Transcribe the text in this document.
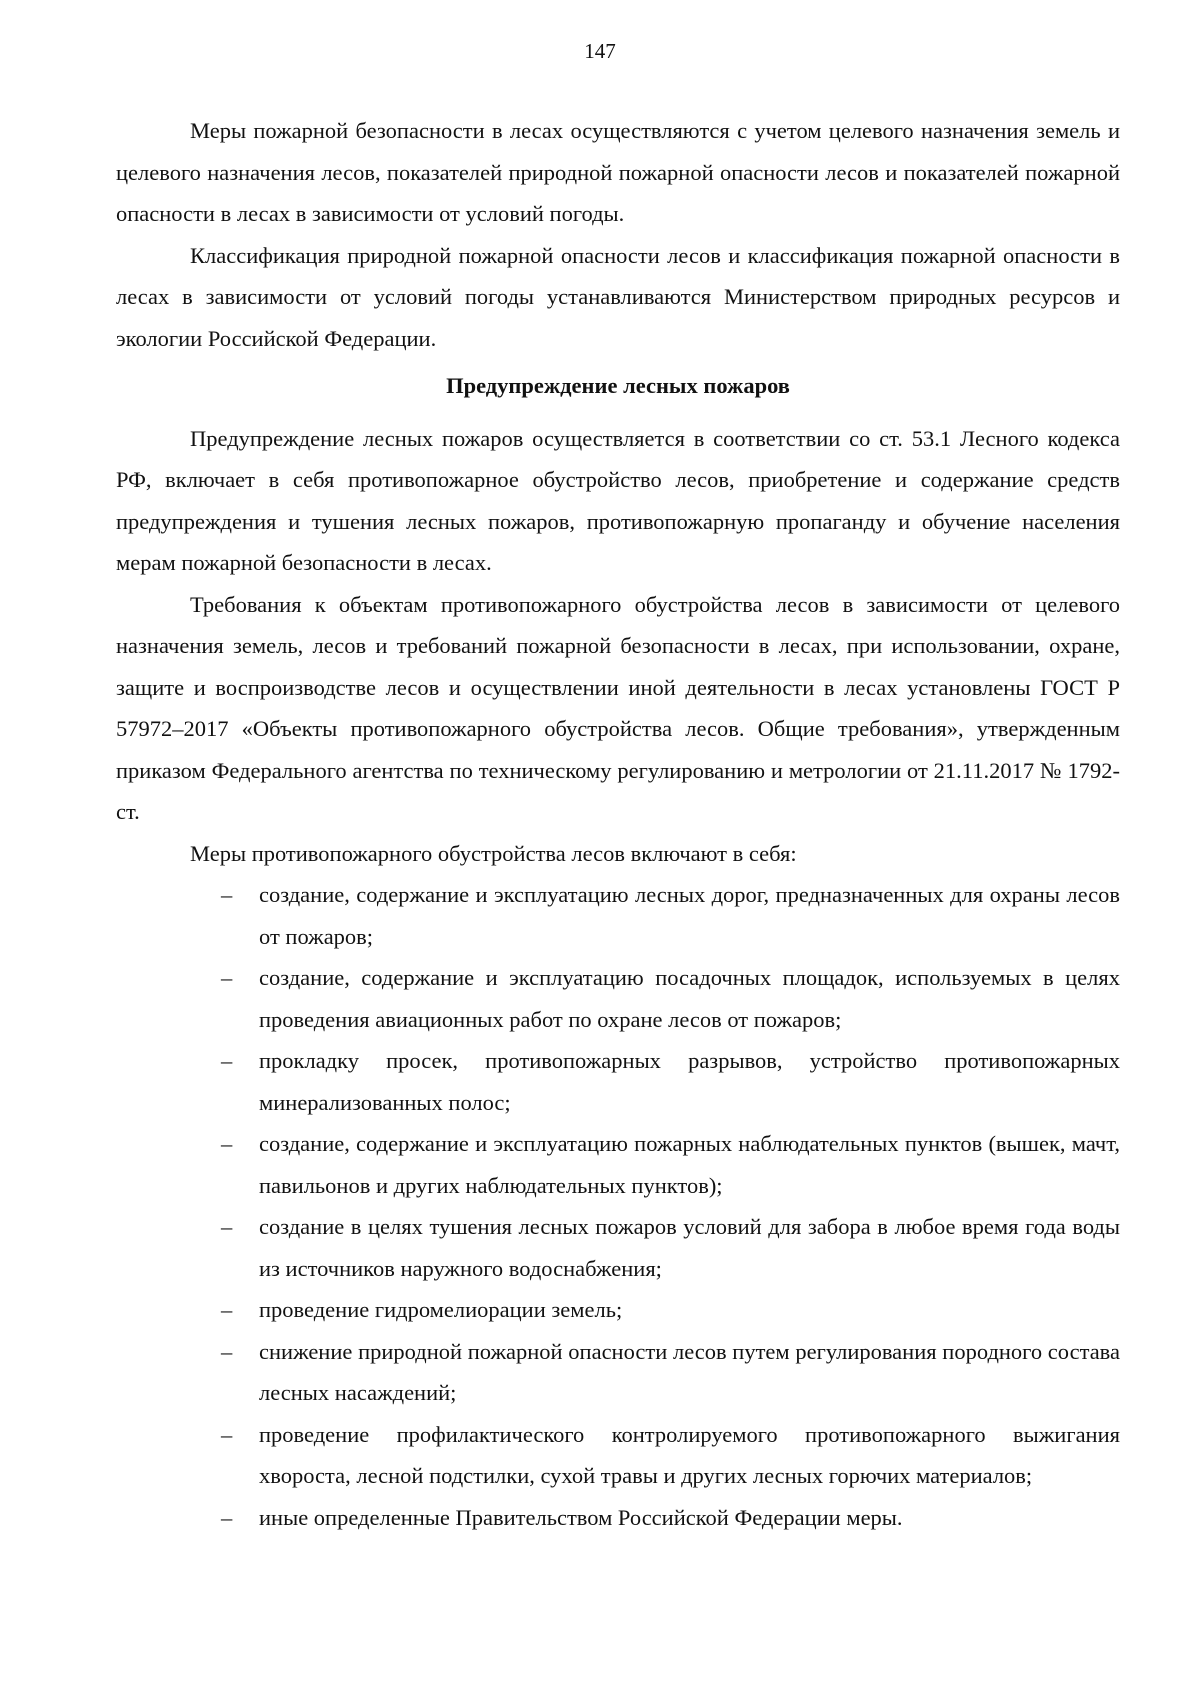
147

Меры пожарной безопасности в лесах осуществляются с учетом целевого назначения земель и целевого назначения лесов, показателей природной пожарной опасности лесов и показателей пожарной опасности в лесах в зависимости от условий погоды.

Классификация природной пожарной опасности лесов и классификация пожарной опасности в лесах в зависимости от условий погоды устанавливаются Министерством природных ресурсов и экологии Российской Федерации.

Предупреждение лесных пожаров

Предупреждение лесных пожаров осуществляется в соответствии со ст. 53.1 Лесного кодекса РФ, включает в себя противопожарное обустройство лесов, приобретение и содержание средств предупреждения и тушения лесных пожаров, противопожарную пропаганду и обучение населения мерам пожарной безопасности в лесах.

Требования к объектам противопожарного обустройства лесов в зависимости от целевого назначения земель, лесов и требований пожарной безопасности в лесах, при использовании, охране, защите и воспроизводстве лесов и осуществлении иной деятельности в лесах установлены ГОСТ Р 57972–2017 «Объекты противопожарного обустройства лесов. Общие требования», утвержденным приказом Федерального агентства по техническому регулированию и метрологии от 21.11.2017 № 1792-ст.

Меры противопожарного обустройства лесов включают в себя:

– создание, содержание и эксплуатацию лесных дорог, предназначенных для охраны лесов от пожаров;
– создание, содержание и эксплуатацию посадочных площадок, используемых в целях проведения авиационных работ по охране лесов от пожаров;
– прокладку просек, противопожарных разрывов, устройство противопожарных минерализованных полос;
– создание, содержание и эксплуатацию пожарных наблюдательных пунктов (вышек, мачт, павильонов и других наблюдательных пунктов);
– создание в целях тушения лесных пожаров условий для забора в любое время года воды из источников наружного водоснабжения;
– проведение гидромелиорации земель;
– снижение природной пожарной опасности лесов путем регулирования породного состава лесных насаждений;
– проведение профилактического контролируемого противопожарного выжигания хвороста, лесной подстилки, сухой травы и других лесных горючих материалов;
– иные определенные Правительством Российской Федерации меры.
